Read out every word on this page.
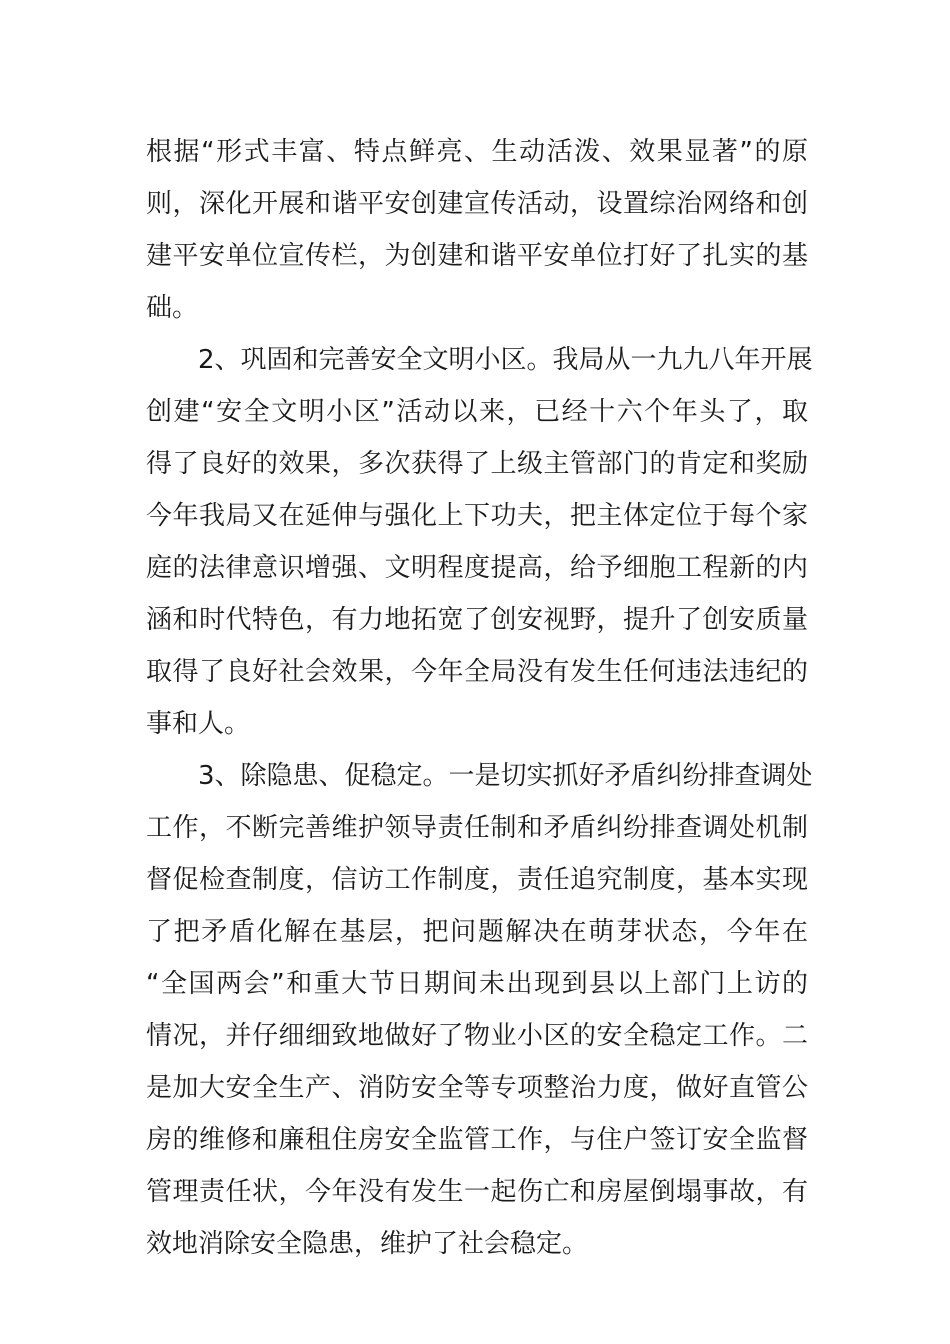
根据“形式丰富、特点鲜亮、生动活泼、效果显著”的原
则，深化开展和谐平安创建宣传活动，设置综治网络和创
建平安单位宣传栏，为创建和谐平安单位打好了扎实的基
础。
2、巩固和完善安全文明小区。我局从一九九八年开展
创建“安全文明小区”活动以来，已经十六个年头了，取
得了良好的效果，多次获得了上级主管部门的肯定和奖励
今年我局又在延伸与强化上下功夫，把主体定位于每个家
庭的法律意识增强、文明程度提高，给予细胞工程新的内
涵和时代特色，有力地拓宽了创安视野，提升了创安质量
取得了良好社会效果，今年全局没有发生任何违法违纪的
事和人。
3、除隐患、促稳定。一是切实抓好矛盾纠纷排查调处
工作，不断完善维护领导责任制和矛盾纠纷排查调处机制
督促检查制度，信访工作制度，责任追究制度，基本实现
了把矛盾化解在基层，把问题解决在萌芽状态，今年在
“全国两会”和重大节日期间未出现到县以上部门上访的
情况，并仔细细致地做好了物业小区的安全稳定工作。二
是加大安全生产、消防安全等专项整治力度，做好直管公
房的维修和廉租住房安全监管工作，与住户签订安全监督
管理责任状，今年没有发生一起伤亡和房屋倒塌事故，有
效地消除安全隐患，维护了社会稳定。
